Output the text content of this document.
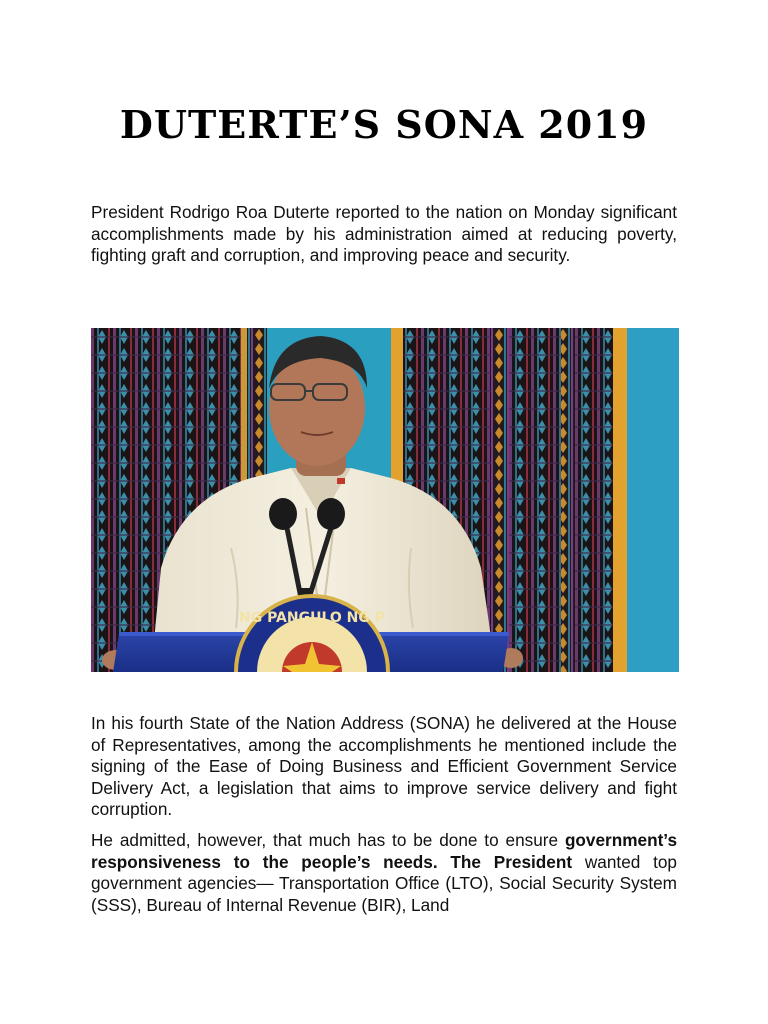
DUTERTE’S SONA 2019

President Rodrigo Roa Duterte reported to the nation on Monday significant accomplishments made by his administration aimed at reducing poverty, fighting graft and corruption, and improving peace and security.

NG PANGULO NG P

In his fourth State of the Nation Address (SONA) he delivered at the House of Representatives, among the accomplishments he mentioned include the signing of the Ease of Doing Business and Efficient Government Service Delivery Act, a legislation that aims to improve service delivery and fight corruption.

He admitted, however, that much has to be done to ensure government’s responsiveness to the people’s needs. The President wanted top government agencies— Transportation Office (LTO), Social Security System (SSS), Bureau of Internal Revenue (BIR), Land
